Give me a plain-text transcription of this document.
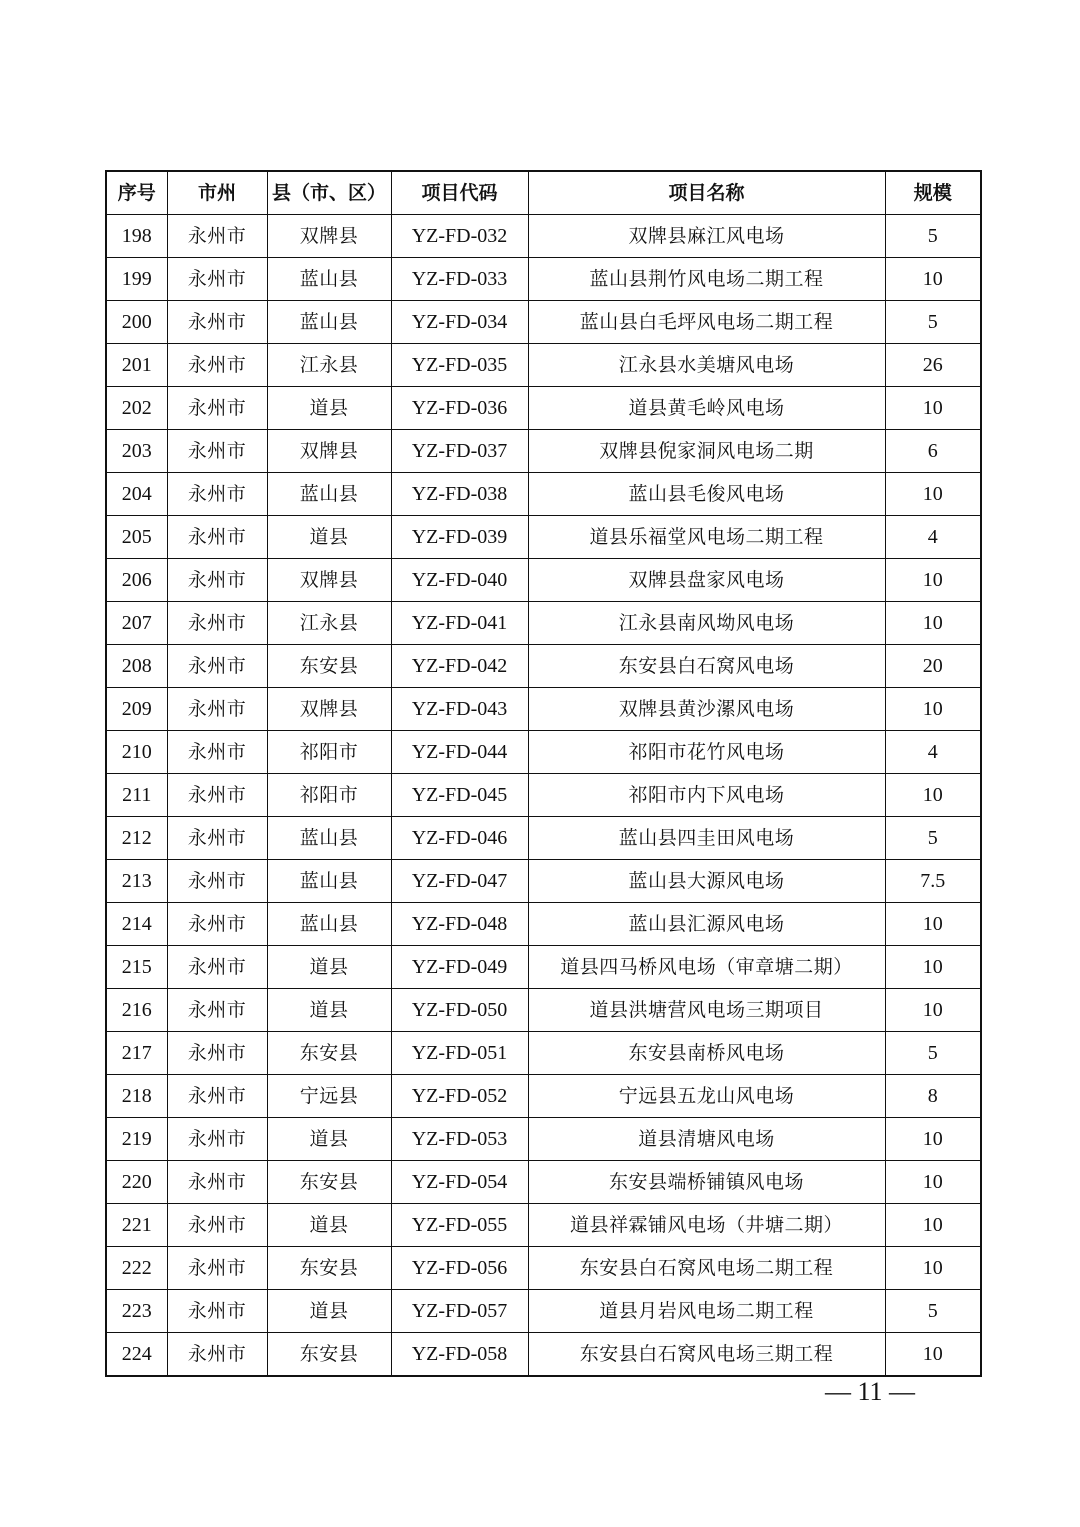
序号	市州	县（市、区）	项目代码	项目名称	规模
198	永州市	双牌县	YZ-FD-032	双牌县麻江风电场	5
199	永州市	蓝山县	YZ-FD-033	蓝山县荆竹风电场二期工程	10
200	永州市	蓝山县	YZ-FD-034	蓝山县白毛坪风电场二期工程	5
201	永州市	江永县	YZ-FD-035	江永县水美塘风电场	26
202	永州市	道县	YZ-FD-036	道县黄毛岭风电场	10
203	永州市	双牌县	YZ-FD-037	双牌县倪家洞风电场二期	6
204	永州市	蓝山县	YZ-FD-038	蓝山县毛俊风电场	10
205	永州市	道县	YZ-FD-039	道县乐福堂风电场二期工程	4
206	永州市	双牌县	YZ-FD-040	双牌县盘家风电场	10
207	永州市	江永县	YZ-FD-041	江永县南风坳风电场	10
208	永州市	东安县	YZ-FD-042	东安县白石窝风电场	20
209	永州市	双牌县	YZ-FD-043	双牌县黄沙漯风电场	10
210	永州市	祁阳市	YZ-FD-044	祁阳市花竹风电场	4
211	永州市	祁阳市	YZ-FD-045	祁阳市内下风电场	10
212	永州市	蓝山县	YZ-FD-046	蓝山县四圭田风电场	5
213	永州市	蓝山县	YZ-FD-047	蓝山县大源风电场	7.5
214	永州市	蓝山县	YZ-FD-048	蓝山县汇源风电场	10
215	永州市	道县	YZ-FD-049	道县四马桥风电场（审章塘二期）	10
216	永州市	道县	YZ-FD-050	道县洪塘营风电场三期项目	10
217	永州市	东安县	YZ-FD-051	东安县南桥风电场	5
218	永州市	宁远县	YZ-FD-052	宁远县五龙山风电场	8
219	永州市	道县	YZ-FD-053	道县清塘风电场	10
220	永州市	东安县	YZ-FD-054	东安县端桥铺镇风电场	10
221	永州市	道县	YZ-FD-055	道县祥霖铺风电场（井塘二期）	10
222	永州市	东安县	YZ-FD-056	东安县白石窝风电场二期工程	10
223	永州市	道县	YZ-FD-057	道县月岩风电场二期工程	5
224	永州市	东安县	YZ-FD-058	东安县白石窝风电场三期工程	10
— 11 —
